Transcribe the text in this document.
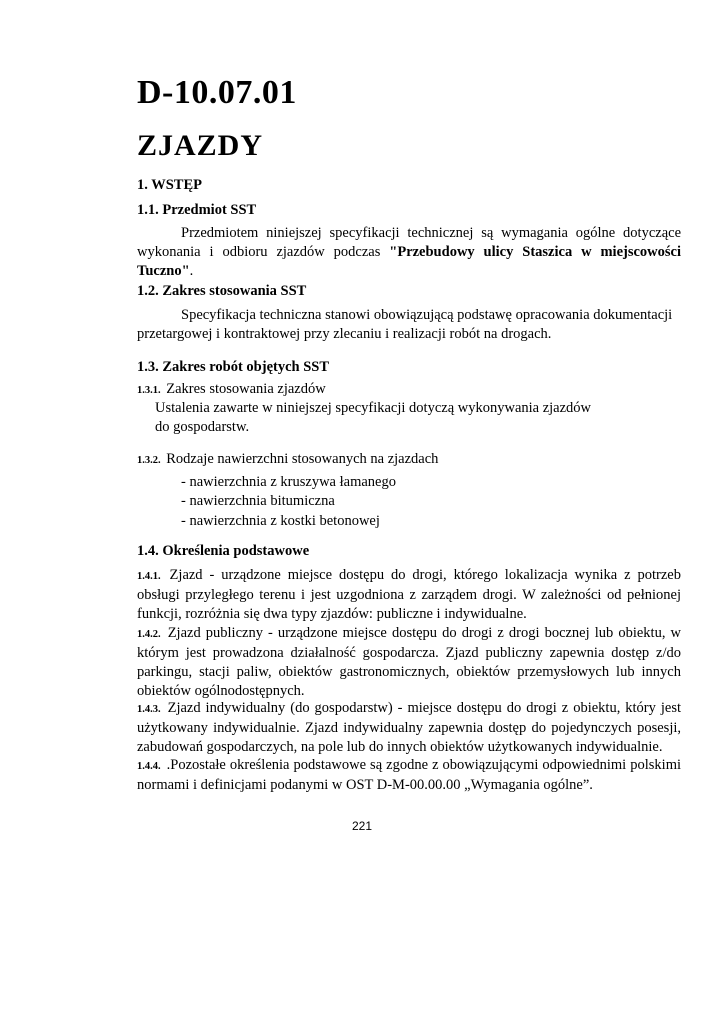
D-10.07.01
ZJAZDY
1. WSTĘP
1.1. Przedmiot SST
Przedmiotem niniejszej specyfikacji technicznej są wymagania ogólne dotyczące wykonania i odbioru zjazdów podczas "Przebudowy ulicy Staszica w miejscowości Tuczno".
1.2. Zakres stosowania SST
Specyfikacja techniczna stanowi obowiązującą podstawę opracowania dokumentacji
przetargowej i kontraktowej przy zlecaniu i realizacji robót na drogach.
1.3. Zakres robót objętych SST
1.3.1. Zakres stosowania zjazdów
Ustalenia zawarte w niniejszej specyfikacji dotyczą wykonywania zjazdów
do gospodarstw.
1.3.2. Rodzaje nawierzchni stosowanych na zjazdach
- nawierzchnia z kruszywa łamanego
- nawierzchnia bitumiczna
- nawierzchnia z kostki betonowej
1.4. Określenia podstawowe
1.4.1. Zjazd - urządzone miejsce dostępu do drogi, którego lokalizacja wynika z potrzeb obsługi przyległego terenu i jest uzgodniona z zarządem drogi. W zależności od pełnionej funkcji, rozróżnia się dwa typy zjazdów: publiczne i indywidualne.
1.4.2. Zjazd publiczny - urządzone miejsce dostępu do drogi z drogi bocznej lub obiektu, w którym jest prowadzona działalność gospodarcza. Zjazd publiczny zapewnia dostęp z/do parkingu, stacji paliw, obiektów gastronomicznych, obiektów przemysłowych lub innych obiektów ogólnodostępnych.
1.4.3. Zjazd indywidualny (do gospodarstw) - miejsce dostępu do drogi z obiektu, który jest użytkowany indywidualnie. Zjazd indywidualny zapewnia dostęp do pojedynczych posesji, zabudowań gospodarczych, na pole lub do innych obiektów użytkowanych indywidualnie.
1.4.4. .Pozostałe określenia podstawowe są zgodne z obowiązującymi odpowiednimi polskimi normami i definicjami podanymi w OST D-M-00.00.00 „Wymagania ogólne”.
221
